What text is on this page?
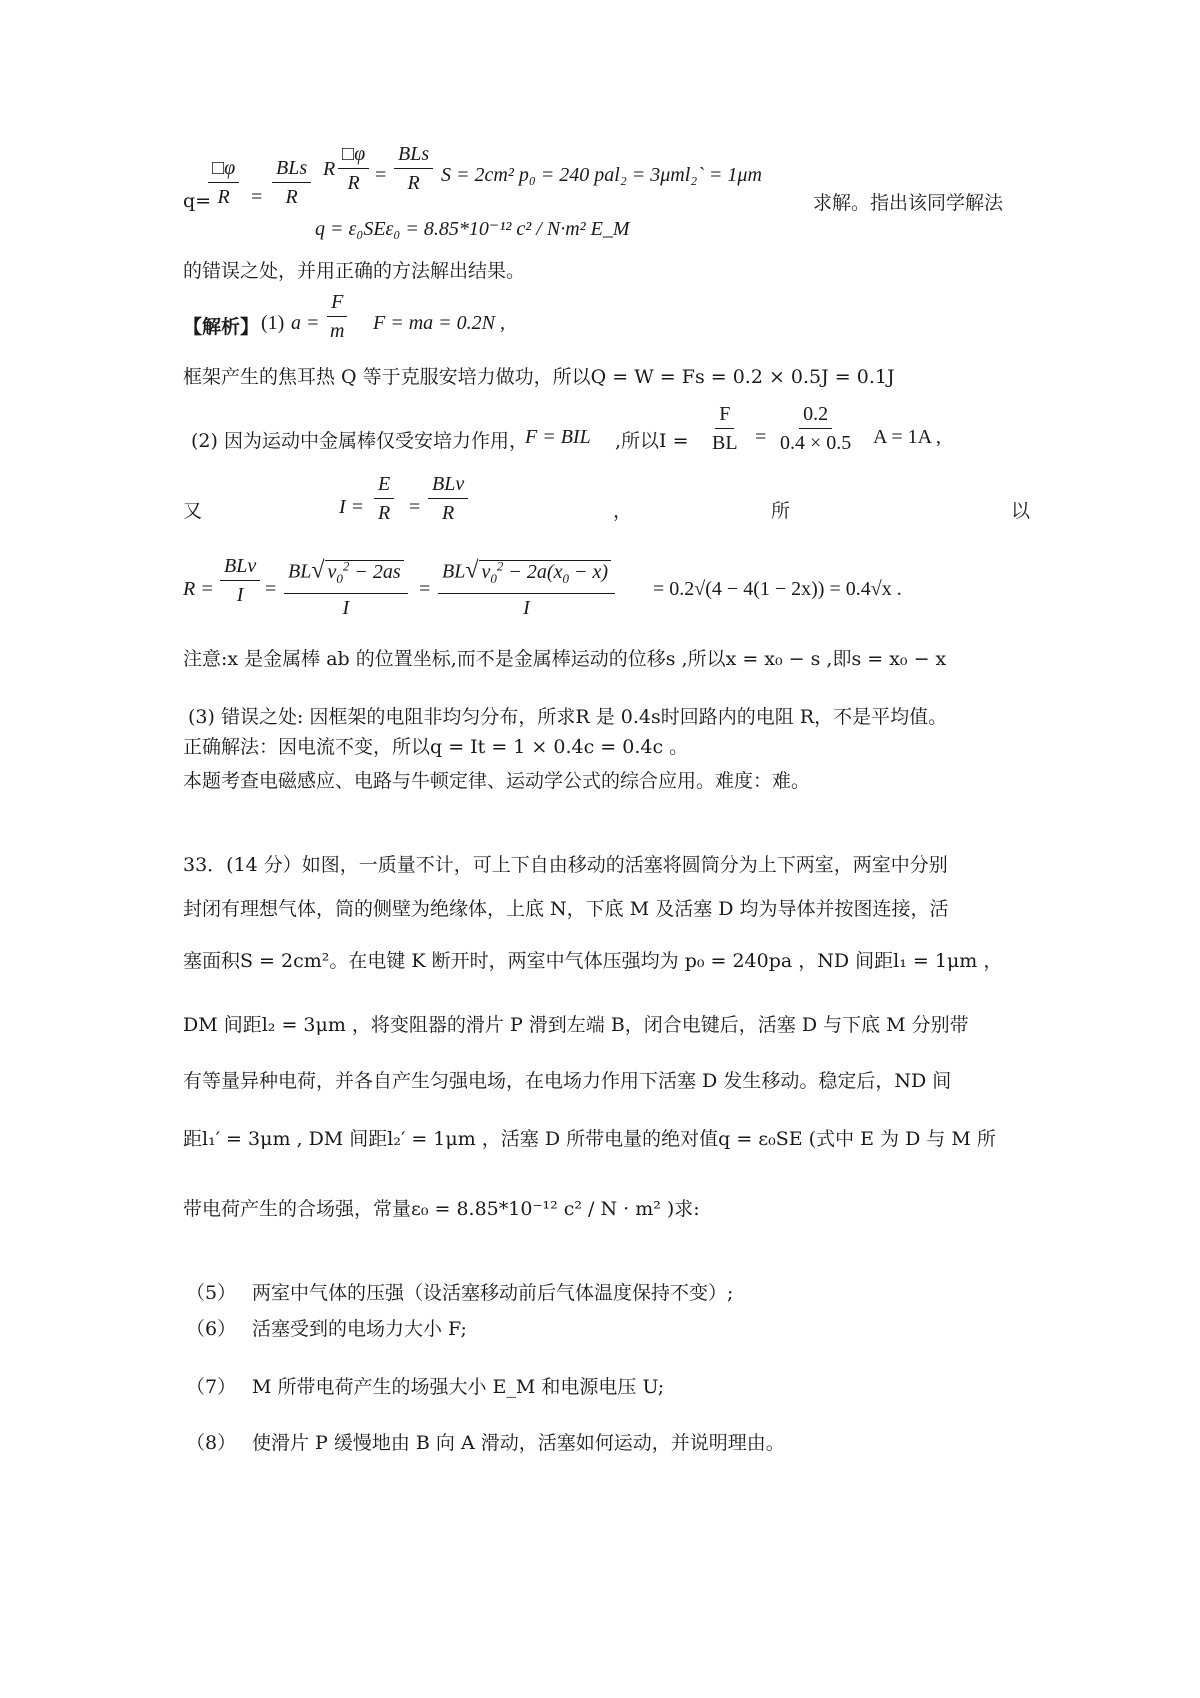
q=
$\frac{□\varphi}{R}$ =
BLs
R
R $\frac{□\varphi}{R}$ =
BLs
R S = 2cm² p₀ = 240 pal₂ = 3μml₂` = 1μm
q = ε₀SEε₀ = 8.85*10⁻¹² c² / N·m² E_M
求解。指出该同学解法
的错误之处，并用正确的方法解出结果。
【解析】 (1) $a = \frac{F}{m}$ F = ma = 0.2N ,
框架产生的焦耳热 Q 等于克服安培力做功，所以Q = W = Fs = 0.2 × 0.5J = 0.1J
(2) 因为运动中金属棒仅受安培力作用，
F = BIL ,所以$I = \frac{F}{BL} = \frac{0.2}{0.4 \times 0.5}$ A = 1A ,
又	$I = \frac{E}{R}$ =
BLv
R	，	所	以
R =
BLv
$I = \frac{BL√ v_0^2 - 2as}{I} = \frac{BL√ v_0^2 - 2a(x_0 - x)}{I} = 0.2√(4 - 4(1 - 2x)) = 0.4√x$ .
注意:x 是金属棒 ab 的位置坐标,而不是金属棒运动的位移s ,所以x = x₀ − s ,即s = x₀ − x
(3) 错误之处: 因框架的电阻非均匀分布，所求R 是 0.4s时回路内的电阻 R，不是平均值。
正确解法：因电流不变，所以q = It = 1 × 0.4c = 0.4c 。
本题考查电磁感应、电路与牛顿定律、运动学公式的综合应用。难度：难。
33．(14 分）如图，一质量不计，可上下自由移动的活塞将圆筒分为上下两室，两室中分别
封闭有理想气体，筒的侧壁为绝缘体，上底 N，下底 M 及活塞 D 均为导体并按图连接，活
塞面积S = 2cm²。在电键 K 断开时，两室中气体压强均为 p₀ = 240pa ，ND 间距l₁ = 1μm ，
DM 间距l₂ = 3μm ，将变阻器的滑片 P 滑到左端 B，闭合电键后，活塞 D 与下底 M 分别带
有等量异种电荷，并各自产生匀强电场，在电场力作用下活塞 D 发生移动。稳定后，ND 间
距l₁′ = 3μm , DM 间距l₂′ = 1μm ，活塞 D 所带电量的绝对值q = ε₀SE (式中 E 为 D 与 M 所
带电荷产生的合场强，常量ε₀ = 8.85*10⁻¹² c² / N · m² )求:
（5） 两室中气体的压强（设活塞移动前后气体温度保持不变）;
（6） 活塞受到的电场力大小 F;
（7） M 所带电荷产生的场强大小 E_M 和电源电压 U;
（8） 使滑片 P 缓慢地由 B 向 A 滑动，活塞如何运动，并说明理由。
